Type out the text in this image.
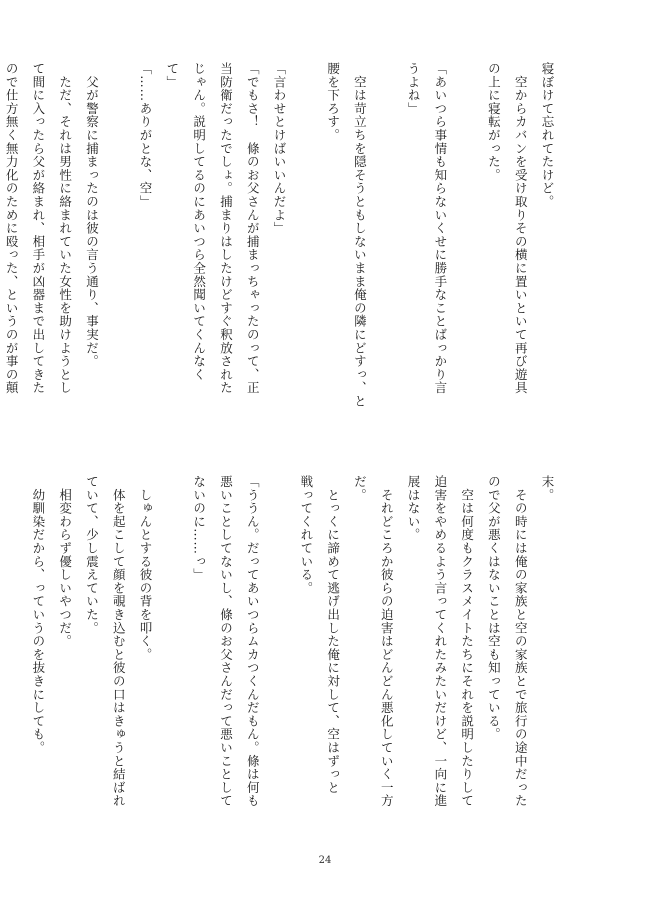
寝ぼけて忘れてたけど。
　空からカバンを受け取りその横に置いといて再び遊具
の上に寝転がった。

「あいつら事情も知らないくせに勝手なことばっかり言
うよね」

　空は苛立ちを隠そうともしないまま俺の隣にどすっ、と
腰を下ろす。

「言わせとけばいいんだよ」
「でもさ！　條のお父さんが捕まっちゃったのって、正
当防衛だったでしょ。捕まりはしたけどすぐ釈放された
じゃん。説明してるのにあいつら全然聞いてくんなく
て」
「……ありがとな、空」

　父が警察に捕まったのは彼の言う通り、事実だ。
　ただ、それは男性に絡まれていた女性を助けようとし
て間に入ったら父が絡まれ、相手が凶器まで出してきた
ので仕方無く無力化のために殴った、というのが事の顛
末。
　その時には俺の家族と空の家族とで旅行の途中だった
ので父が悪くはないことは空も知っている。
　空は何度もクラスメイトたちにそれを説明したりして
迫害をやめるよう言ってくれたみたいだけど、一向に進
展はない。
　それどころか彼らの迫害はどんどん悪化していく一方
だ。
　とっくに諦めて逃げ出した俺に対して、空はずっと
戦ってくれている。

「ううん。だってあいつらムカつくんだもん。條は何も
悪いことしてないし、條のお父さんだって悪いことして
ないのに……っ」

　しゅんとする彼の背を叩く。
　体を起こして顔を覗き込むと彼の口はきゅうと結ばれ
ていて、少し震えていた。
　相変わらず優しいやつだ。
　幼馴染だから、っていうのを抜きにしても。
24
